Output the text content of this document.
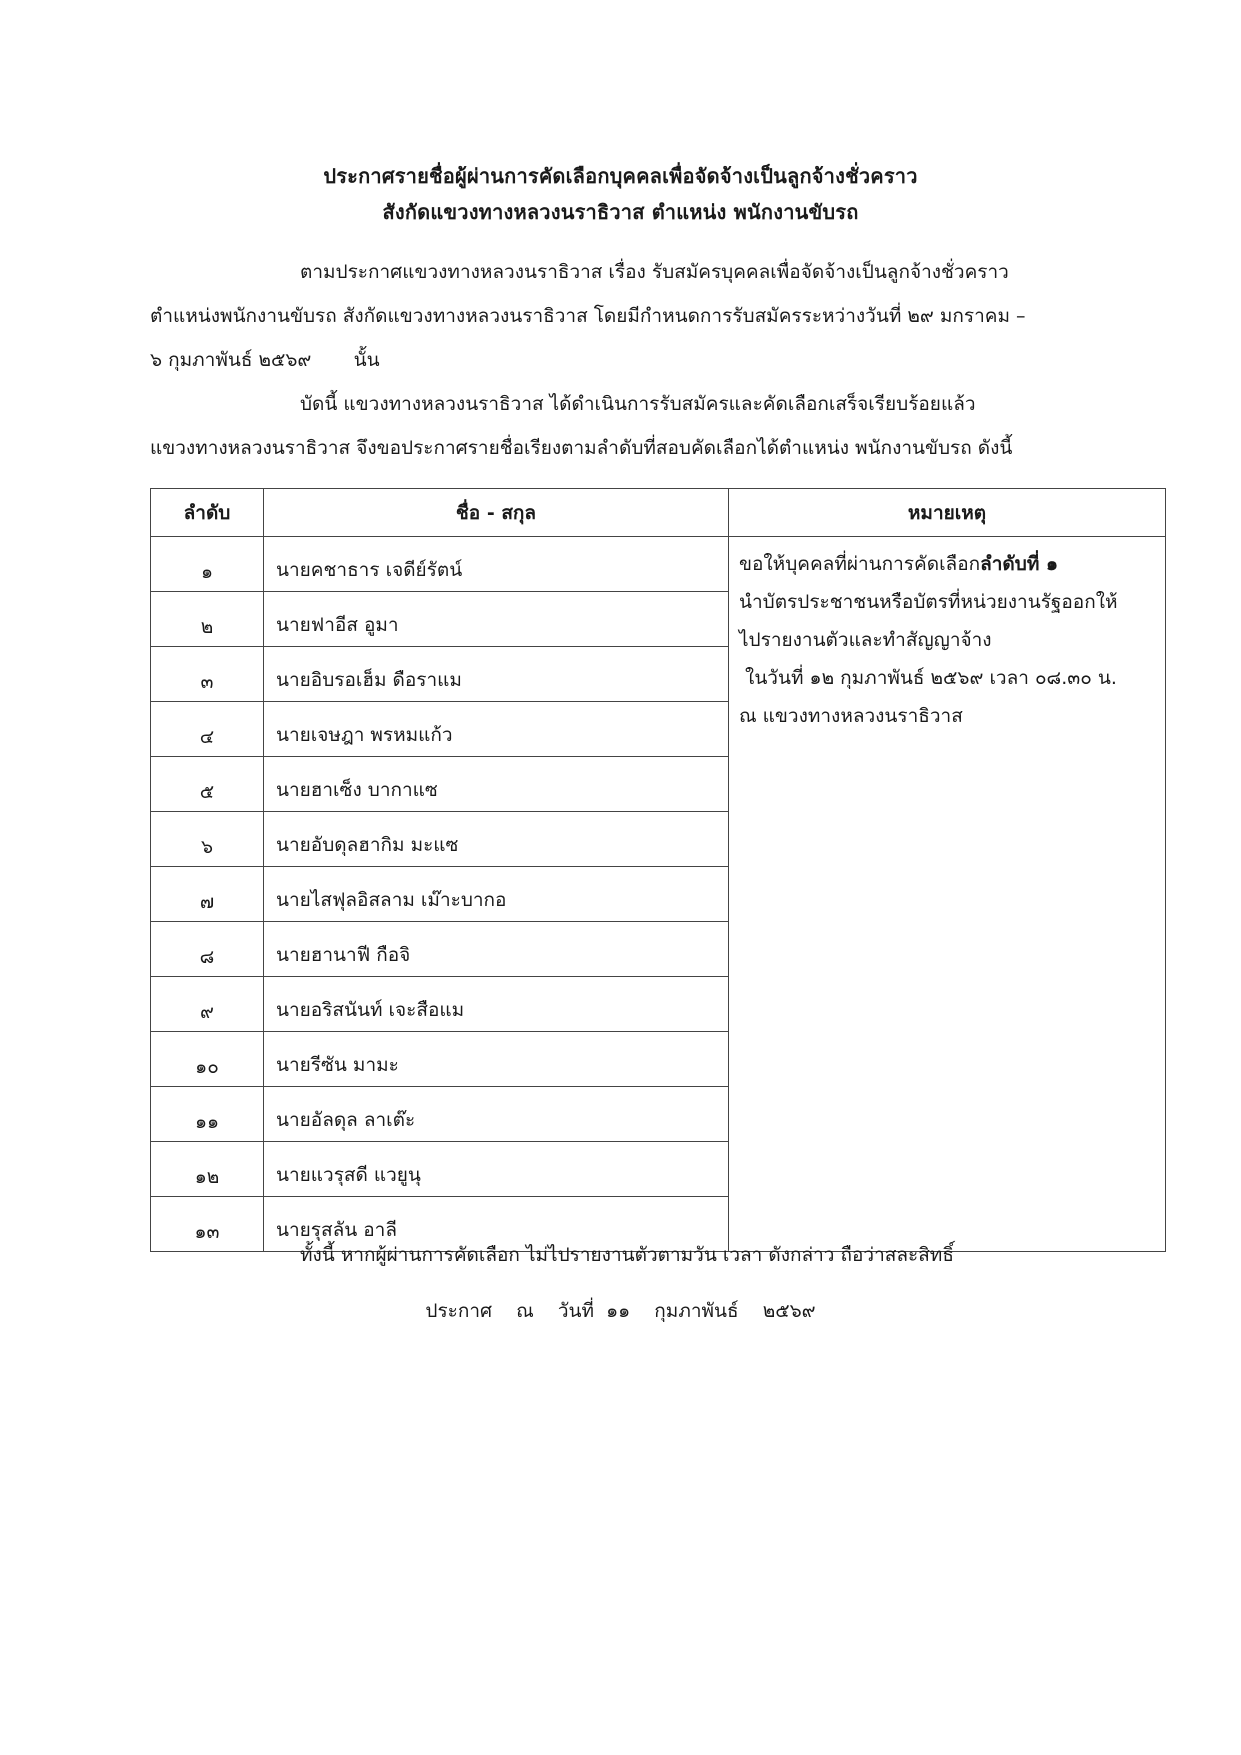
ประกาศรายชื่อผู้ผ่านการคัดเลือกบุคคลเพื่อจัดจ้างเป็นลูกจ้างชั่วคราว
สังกัดแขวงทางหลวงนราธิวาส ตำแหน่ง พนักงานขับรถ
ตามประกาศแขวงทางหลวงนราธิวาส เรื่อง รับสมัครบุคคลเพื่อจัดจ้างเป็นลูกจ้างชั่วคราว
ตำแหน่งพนักงานขับรถ สังกัดแขวงทางหลวงนราธิวาส โดยมีกำหนดการรับสมัครระหว่างวันที่ ๒๙ มกราคม –
๖ กุมภาพันธ์ ๒๕๖๙       นั้น
บัดนี้ แขวงทางหลวงนราธิวาส ได้ดำเนินการรับสมัครและคัดเลือกเสร็จเรียบร้อยแล้ว
แขวงทางหลวงนราธิวาส จึงขอประกาศรายชื่อเรียงตามลำดับที่สอบคัดเลือกได้ตำแหน่ง พนักงานขับรถ ดังนี้
ลำดับ	ชื่อ - สกุล	หมายเหตุ
๑	นายคชาธาร เจดีย์รัตน์	ขอให้บุคคลที่ผ่านการคัดเลือกลำดับที่ ๑
นำบัตรประชาชนหรือบัตรที่หน่วยงานรัฐออกให้
ไปรายงานตัวและทำสัญญาจ้าง
ในวันที่ ๑๒ กุมภาพันธ์ ๒๕๖๙ เวลา ๐๘.๓๐ น.
ณ แขวงทางหลวงนราธิวาส

๒	นายฟาอีส อูมา	
๓	นายอิบรอเฮ็ม ดือราแม	
๔	นายเจษฎา พรหมแก้ว	
๕	นายฮาเซ็ง บากาแซ	
๖	นายอับดุลฮากิม มะแซ	
๗	นายไสฟุลอิสลาม เม๊าะบากอ	
๘	นายฮานาฟี กือจิ	
๙	นายอริสนันท์ เจะสือแม	
๑๐	นายรีซัน มามะ	
๑๑	นายอัลดุล ลาเต๊ะ	
๑๒	นายแวรุสดี แวยูนุ	
๑๓	นายรุสลัน อาลี	
ทั้งนี้ หากผู้ผ่านการคัดเลือก ไม่ไปรายงานตัวตามวัน เวลา ดังกล่าว ถือว่าสละสิทธิ์
ประกาศ  ณ  วันที่ ๑๑  กุมภาพันธ์  ๒๕๖๙
